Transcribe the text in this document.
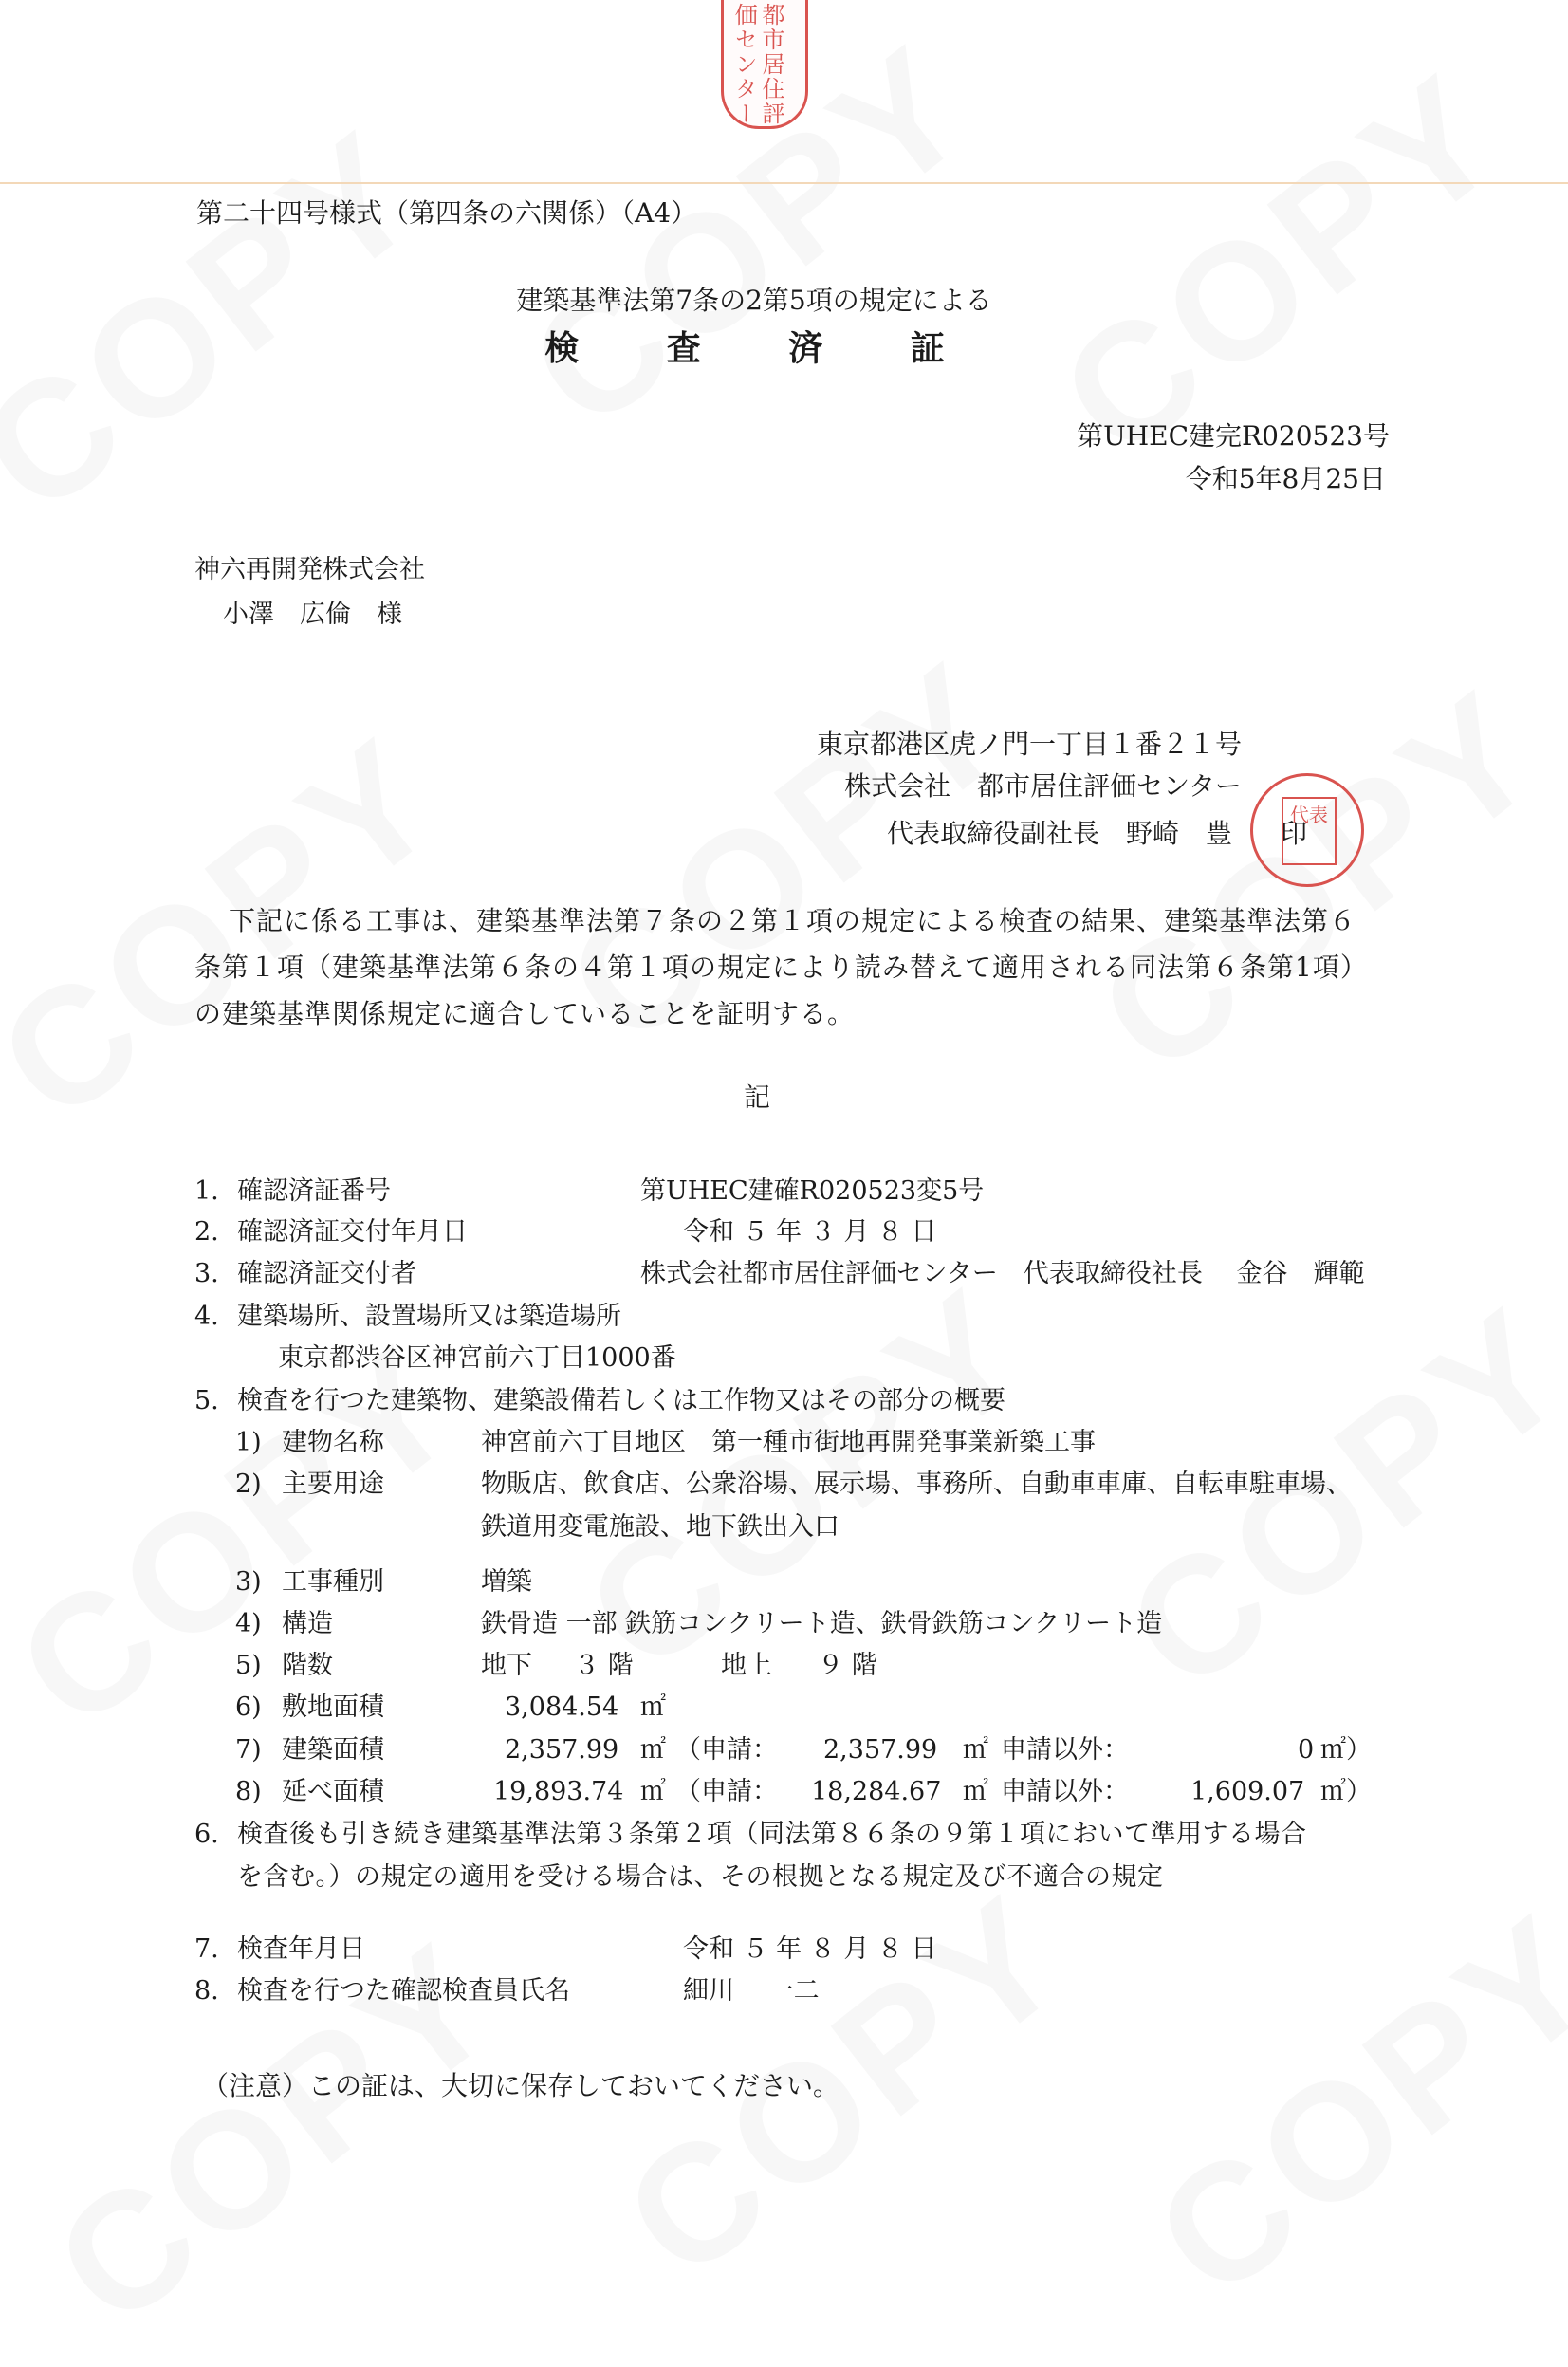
都市居住評価センター
第二十四号様式（第四条の六関係）（A4）
建築基準法第7条の2第5項の規定による
検 査 済 証
第UHEC建完R020523号
令和5年8月25日
神六再開発株式会社
小澤　広倫　様
東京都港区虎ノ門一丁目１番２１号
株式会社　都市居住評価センター
代表取締役副社長　野崎　豊 印
代表
下記に係る工事は、建築基準法第７条の２第１項の規定による検査の結果、建築基準法第６条第１項（建築基準法第６条の４第１項の規定により読み替えて適用される同法第６条第1項）の建築基準関係規定に適合していることを証明する。
記
1. 確認済証番号	第UHEC建確R020523変5号
2. 確認済証交付年月日	令和 ５ 年 ３ 月 ８ 日
3. 確認済証交付者	株式会社都市居住評価センター　代表取締役社長　 金谷　輝範
4. 建築場所、設置場所又は築造場所
東京都渋谷区神宮前六丁目1000番
5. 検査を行つた建築物、建築設備若しくは工作物又はその部分の概要
1) 建物名称	神宮前六丁目地区　第一種市街地再開発事業新築工事
2) 主要用途	物販店、飲食店、公衆浴場、展示場、事務所、自動車車庫、自転車駐車場、
鉄道用変電施設、地下鉄出入口
3) 工事種別	増築
4) 構造	鉄骨造 一部 鉄筋コンクリート造、鉄骨鉄筋コンクリート造
5) 階数	地下 ３ 階	地上 ９ 階
6) 敷地面積	3,084.54 ㎡
7) 建築面積	2,357.99 ㎡ （申請： 2,357.99 ㎡ 申請以外：	0 ㎡）
8) 延べ面積	19,893.74 ㎡ （申請： 18,284.67 ㎡ 申請以外： 1,609.07 ㎡）
6. 検査後も引き続き建築基準法第３条第２項（同法第８６条の９第１項において準用する場合
を含む。）の規定の適用を受ける場合は、その根拠となる規定及び不適合の規定
7. 検査年月日	令和 ５ 年 ８ 月 ８ 日
8. 検査を行つた確認検査員氏名	細川　 一二
（注意）この証は、大切に保存しておいてください。
